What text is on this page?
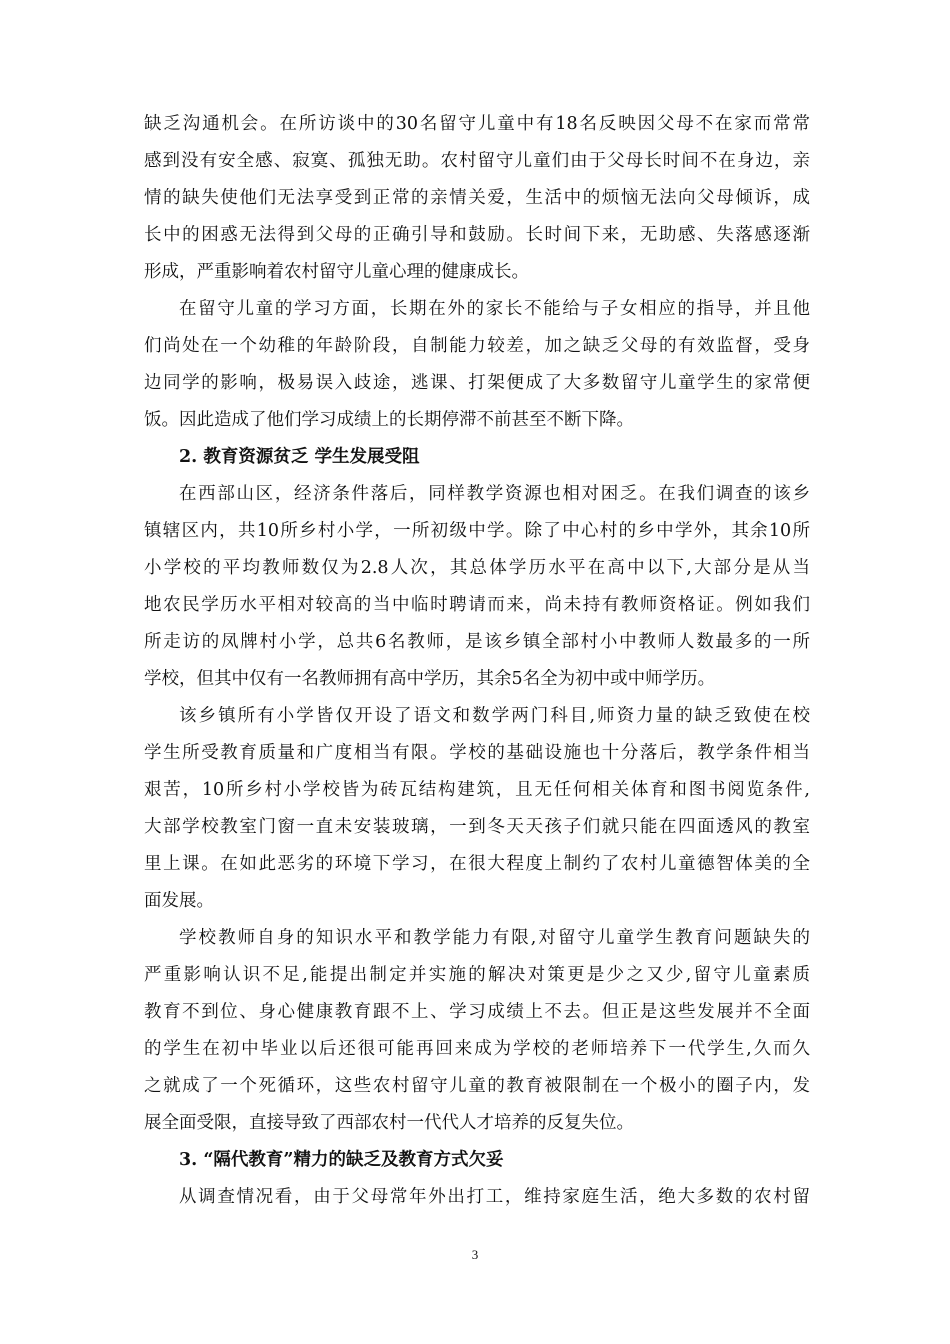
缺乏沟通机会。在所访谈中的30名留守儿童中有18名反映因父母不在家而常常
感到没有安全感、寂寞、孤独无助。农村留守儿童们由于父母长时间不在身边，亲
情的缺失使他们无法享受到正常的亲情关爱，生活中的烦恼无法向父母倾诉，成
长中的困惑无法得到父母的正确引导和鼓励。长时间下来，无助感、失落感逐渐
形成，严重影响着农村留守儿童心理的健康成长。
在留守儿童的学习方面，长期在外的家长不能给与子女相应的指导，并且他
们尚处在一个幼稚的年龄阶段，自制能力较差，加之缺乏父母的有效监督，受身
边同学的影响，极易误入歧途，逃课、打架便成了大多数留守儿童学生的家常便
饭。因此造成了他们学习成绩上的长期停滞不前甚至不断下降。
2. 教育资源贫乏 学生发展受阻
在西部山区，经济条件落后，同样教学资源也相对困乏。在我们调查的该乡
镇辖区内，共10所乡村小学，一所初级中学。除了中心村的乡中学外，其余10所
小学校的平均教师数仅为2.8人次，其总体学历水平在高中以下,大部分是从当
地农民学历水平相对较高的当中临时聘请而来，尚未持有教师资格证。例如我们
所走访的凤牌村小学，总共6名教师，是该乡镇全部村小中教师人数最多的一所
学校，但其中仅有一名教师拥有高中学历，其余5名全为初中或中师学历。
该乡镇所有小学皆仅开设了语文和数学两门科目,师资力量的缺乏致使在校
学生所受教育质量和广度相当有限。学校的基础设施也十分落后，教学条件相当
艰苦，10所乡村小学校皆为砖瓦结构建筑，且无任何相关体育和图书阅览条件,
大部学校教室门窗一直未安装玻璃，一到冬天天孩子们就只能在四面透风的教室
里上课。在如此恶劣的环境下学习，在很大程度上制约了农村儿童德智体美的全
面发展。
学校教师自身的知识水平和教学能力有限,对留守儿童学生教育问题缺失的
严重影响认识不足,能提出制定并实施的解决对策更是少之又少,留守儿童素质
教育不到位、身心健康教育跟不上、学习成绩上不去。但正是这些发展并不全面
的学生在初中毕业以后还很可能再回来成为学校的老师培养下一代学生,久而久
之就成了一个死循环，这些农村留守儿童的教育被限制在一个极小的圈子内，发
展全面受限，直接导致了西部农村一代代人才培养的反复失位。
3. “隔代教育”精力的缺乏及教育方式欠妥
从调查情况看，由于父母常年外出打工，维持家庭生活，绝大多数的农村留
3
